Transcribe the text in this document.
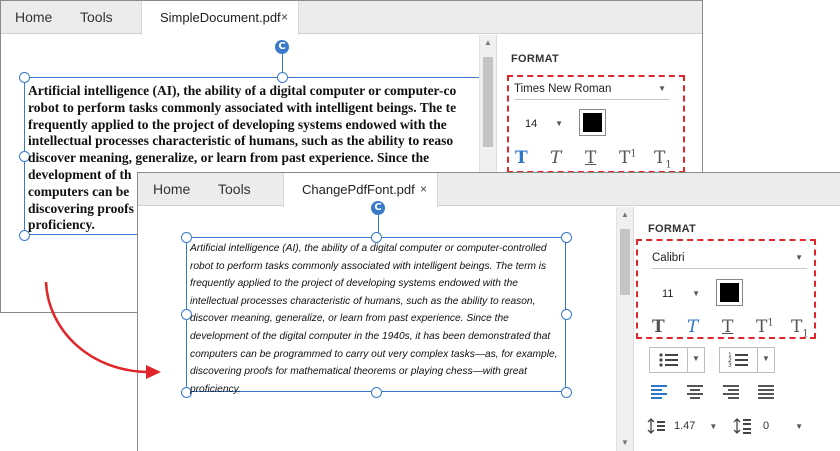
Home Tools	SimpleDocument.pdf ×
C
Artificial intelligence (AI), the ability of a digital computer or computer-co
robot to perform tasks commonly associated with intelligent beings. The te
frequently applied to the project of developing systems endowed with the
intellectual processes characteristic of humans, such as the ability to reaso
discover meaning, generalize, or learn from past experience. Since the
development of th
computers can be
discovering proofs
proficiency.
▲
FORMAT
Times New Roman	▼
14 ▼
T T T $T^1$ $T_1$
Home Tools	ChangePdfFont.pdf ×
C
Artificial intelligence (AI), the ability of a digital computer or computer-controlled
robot to perform tasks commonly associated with intelligent beings. The term is
frequently applied to the project of developing systems endowed with the
intellectual processes characteristic of humans, such as the ability to reason,
discover meaning, generalize, or learn from past experience. Since the
development of the digital computer in the 1940s, it has been demonstrated that
computers can be programmed to carry out very complex tasks—as, for example,
discovering proofs for mathematical theorems or playing chess—with great
proficiency.
▲
▼
FORMAT
Calibri	▼
11 ▼
T T T $T^1$ $T_1$
▼	1
2
3
▼
1.47 ▼	0	▼
